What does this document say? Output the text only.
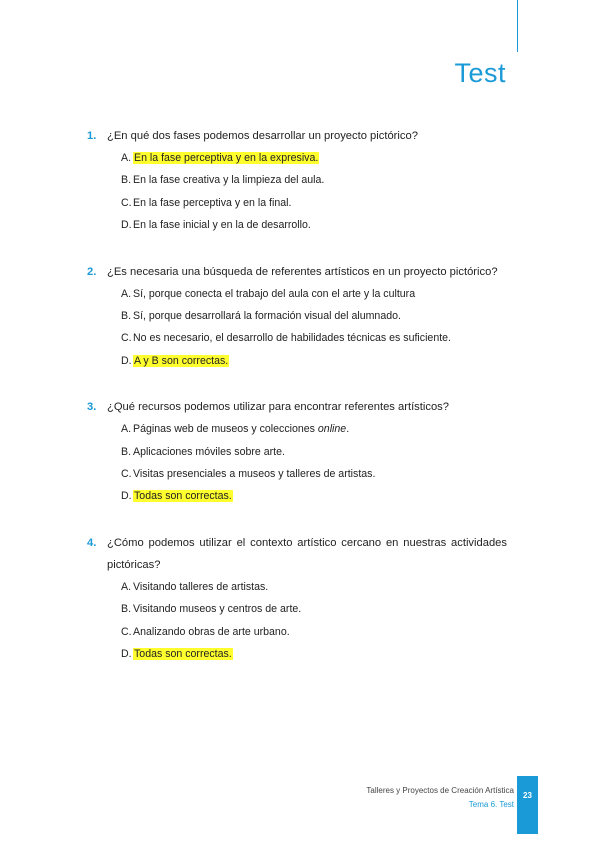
Test
1. ¿En qué dos fases podemos desarrollar un proyecto pictórico?
A. En la fase perceptiva y en la expresiva.
B. En la fase creativa y la limpieza del aula.
C. En la fase perceptiva y en la final.
D. En la fase inicial y en la de desarrollo.
2. ¿Es necesaria una búsqueda de referentes artísticos en un proyecto pictórico?
A. Sí, porque conecta el trabajo del aula con el arte y la cultura
B. Sí, porque desarrollará la formación visual del alumnado.
C. No es necesario, el desarrollo de habilidades técnicas es suficiente.
D. A y B son correctas.
3. ¿Qué recursos podemos utilizar para encontrar referentes artísticos?
A. Páginas web de museos y colecciones online.
B. Aplicaciones móviles sobre arte.
C. Visitas presenciales a museos y talleres de artistas.
D. Todas son correctas.
4. ¿Cómo podemos utilizar el contexto artístico cercano en nuestras actividades pictóricas?
A. Visitando talleres de artistas.
B. Visitando museos y centros de arte.
C. Analizando obras de arte urbano.
D. Todas son correctas.
Talleres y Proyectos de Creación Artística
Tema 6. Test
23
